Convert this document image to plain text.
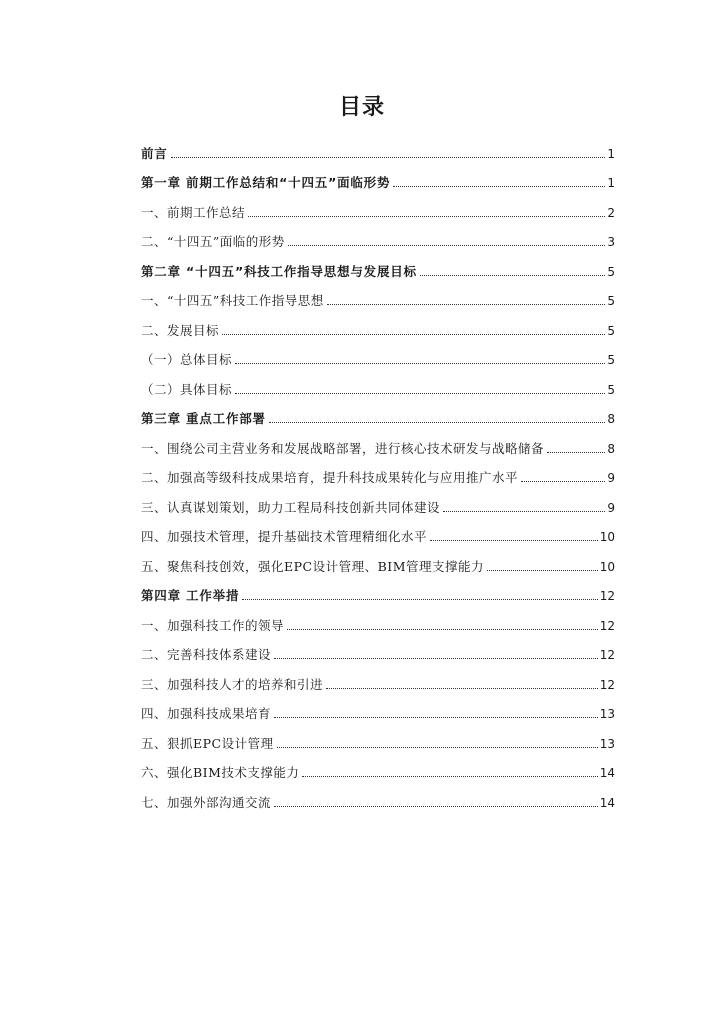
目录
前言	1
第一章 前期工作总结和“十四五”面临形势	1
一、前期工作总结	2
二、“十四五”面临的形势	3
第二章 “十四五”科技工作指导思想与发展目标	5
一、“十四五”科技工作指导思想	5
二、发展目标	5
（一）总体目标	5
（二）具体目标	5
第三章 重点工作部署	8
一、围绕公司主营业务和发展战略部署，进行核心技术研发与战略储备	8
二、加强高等级科技成果培育，提升科技成果转化与应用推广水平	9
三、认真谋划策划，助力工程局科技创新共同体建设	9
四、加强技术管理，提升基础技术管理精细化水平	10
五、聚焦科技创效，强化EPC设计管理、BIM管理支撑能力	10
第四章 工作举措	12
一、加强科技工作的领导	12
二、完善科技体系建设	12
三、加强科技人才的培养和引进	12
四、加强科技成果培育	13
五、狠抓EPC设计管理	13
六、强化BIM技术支撑能力	14
七、加强外部沟通交流	14
